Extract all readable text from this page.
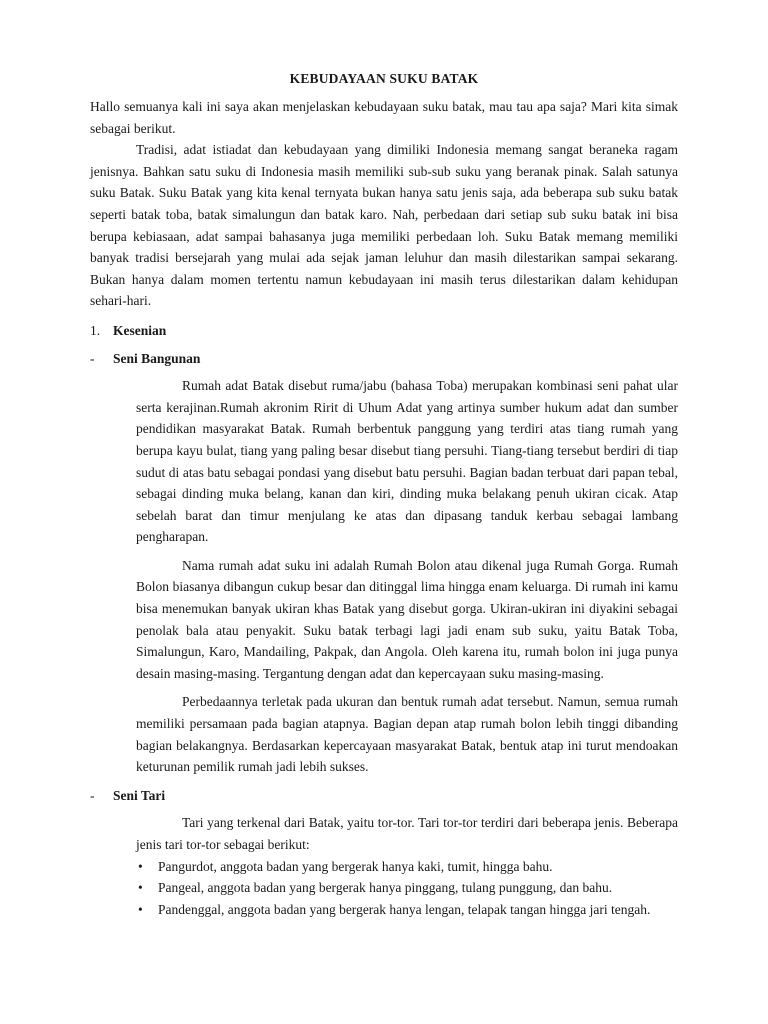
KEBUDAYAAN SUKU BATAK

Hallo semuanya kali ini saya akan menjelaskan kebudayaan suku batak, mau tau apa saja? Mari kita simak sebagai berikut.

Tradisi, adat istiadat dan kebudayaan yang dimiliki Indonesia memang sangat beraneka ragam jenisnya. Bahkan satu suku di Indonesia masih memiliki sub-sub suku yang beranak pinak. Salah satunya suku Batak. Suku Batak yang kita kenal ternyata bukan hanya satu jenis saja, ada beberapa sub suku batak seperti batak toba, batak simalungun dan batak karo. Nah, perbedaan dari setiap sub suku batak ini bisa berupa kebiasaan, adat sampai bahasanya juga memiliki perbedaan loh. Suku Batak memang memiliki banyak tradisi bersejarah yang mulai ada sejak jaman leluhur dan masih dilestarikan sampai sekarang. Bukan hanya dalam momen tertentu namun kebudayaan ini masih terus dilestarikan dalam kehidupan sehari-hari.

1. Kesenian
- Seni Bangunan

Rumah adat Batak disebut ruma/jabu (bahasa Toba) merupakan kombinasi seni pahat ular serta kerajinan.Rumah akronim Ririt di Uhum Adat yang artinya sumber hukum adat dan sumber pendidikan masyarakat Batak. Rumah berbentuk panggung yang terdiri atas tiang rumah yang berupa kayu bulat, tiang yang paling besar disebut tiang persuhi. Tiang-tiang tersebut berdiri di tiap sudut di atas batu sebagai pondasi yang disebut batu persuhi. Bagian badan terbuat dari papan tebal, sebagai dinding muka belang, kanan dan kiri, dinding muka belakang penuh ukiran cicak. Atap sebelah barat dan timur menjulang ke atas dan dipasang tanduk kerbau sebagai lambang pengharapan.

Nama rumah adat suku ini adalah Rumah Bolon atau dikenal juga Rumah Gorga. Rumah Bolon biasanya dibangun cukup besar dan ditinggal lima hingga enam keluarga. Di rumah ini kamu bisa menemukan banyak ukiran khas Batak yang disebut gorga. Ukiran-ukiran ini diyakini sebagai penolak bala atau penyakit. Suku batak terbagi lagi jadi enam sub suku, yaitu Batak Toba, Simalungun, Karo, Mandailing, Pakpak, dan Angola. Oleh karena itu, rumah bolon ini juga punya desain masing-masing. Tergantung dengan adat dan kepercayaan suku masing-masing.

Perbedaannya terletak pada ukuran dan bentuk rumah adat tersebut. Namun, semua rumah memiliki persamaan pada bagian atapnya. Bagian depan atap rumah bolon lebih tinggi dibanding bagian belakangnya. Berdasarkan kepercayaan masyarakat Batak, bentuk atap ini turut mendoakan keturunan pemilik rumah jadi lebih sukses.

- Seni Tari

Tari yang terkenal dari Batak, yaitu tor-tor. Tari tor-tor terdiri dari beberapa jenis. Beberapa jenis tari tor-tor sebagai berikut:

• Pangurdot, anggota badan yang bergerak hanya kaki, tumit, hingga bahu.
• Pangeal, anggota badan yang bergerak hanya pinggang, tulang punggung, dan bahu.
• Pandenggal, anggota badan yang bergerak hanya lengan, telapak tangan hingga jari tengah.
